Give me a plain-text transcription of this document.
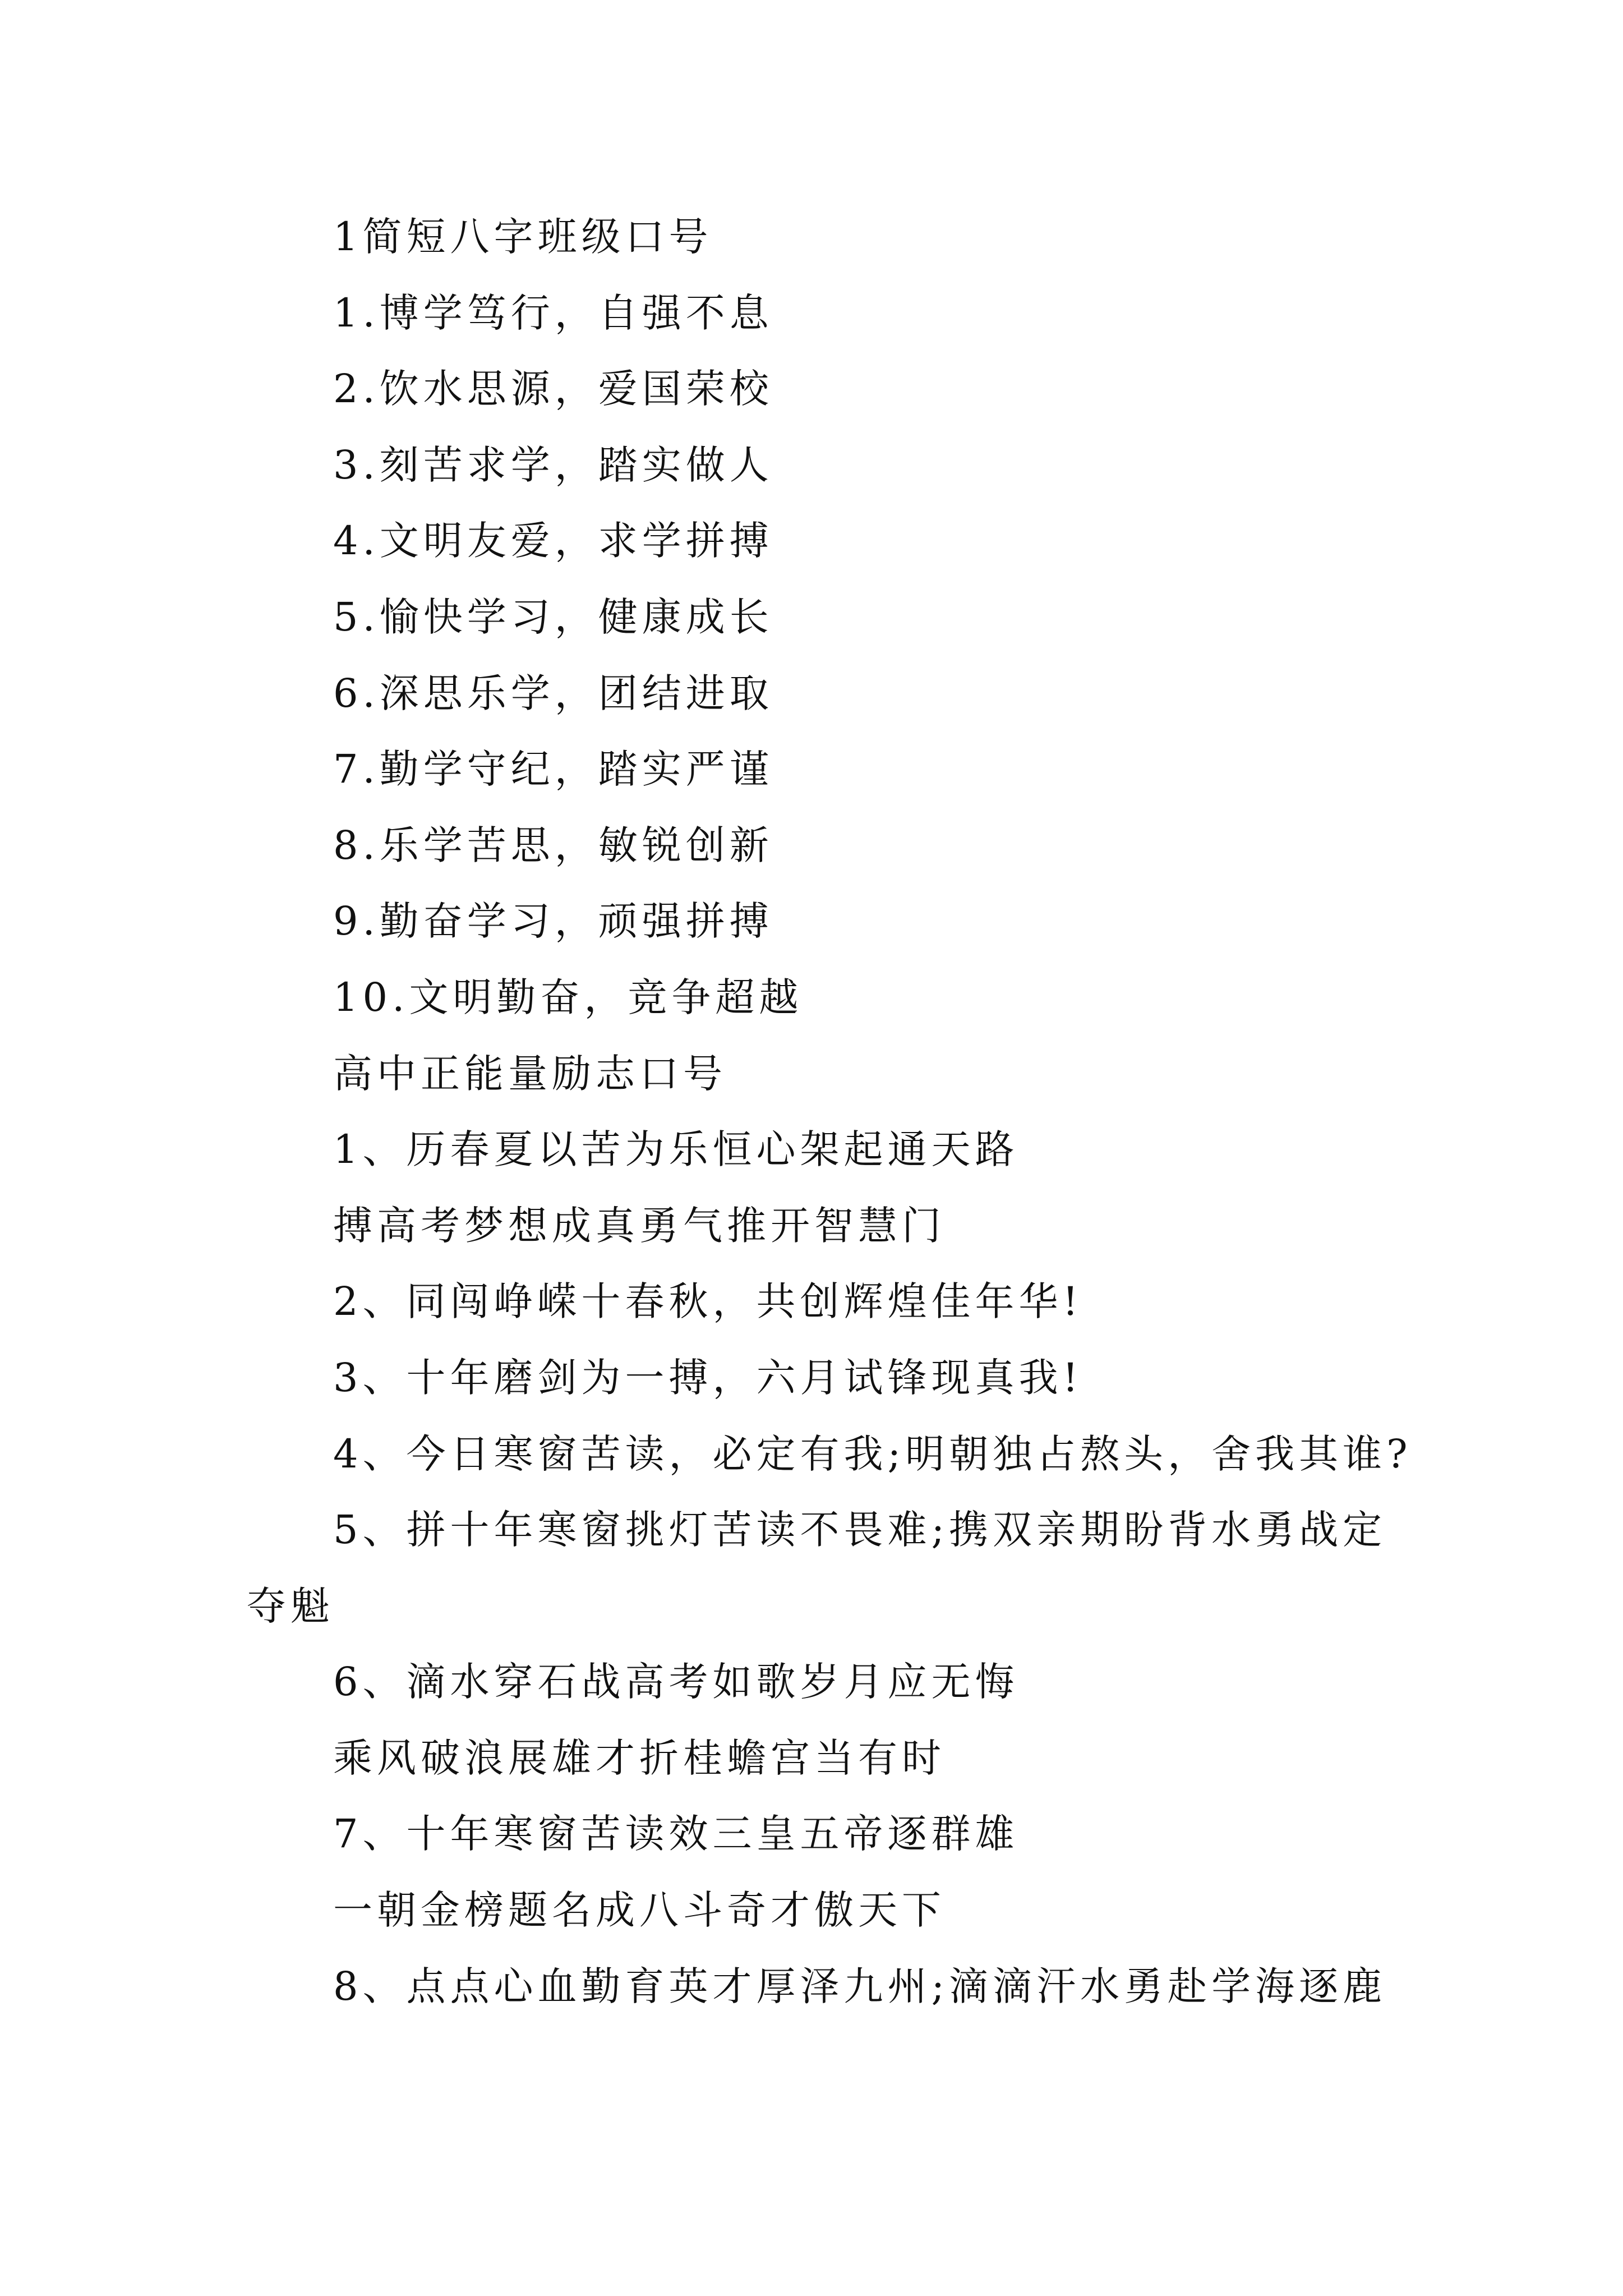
1简短八字班级口号
1.博学笃行，自强不息
2.饮水思源，爱国荣校
3.刻苦求学，踏实做人
4.文明友爱，求学拼搏
5.愉快学习，健康成长
6.深思乐学，团结进取
7.勤学守纪，踏实严谨
8.乐学苦思，敏锐创新
9.勤奋学习，顽强拼搏
10.文明勤奋，竞争超越
高中正能量励志口号
1、历春夏以苦为乐恒心架起通天路
搏高考梦想成真勇气推开智慧门
2、同闯峥嵘十春秋，共创辉煌佳年华!
3、十年磨剑为一搏，六月试锋现真我!
4、今日寒窗苦读，必定有我;明朝独占熬头，舍我其谁?
5、拼十年寒窗挑灯苦读不畏难;携双亲期盼背水勇战定
夺魁
6、滴水穿石战高考如歌岁月应无悔
乘风破浪展雄才折桂蟾宫当有时
7、十年寒窗苦读效三皇五帝逐群雄
一朝金榜题名成八斗奇才傲天下
8、点点心血勤育英才厚泽九州;滴滴汗水勇赴学海逐鹿
